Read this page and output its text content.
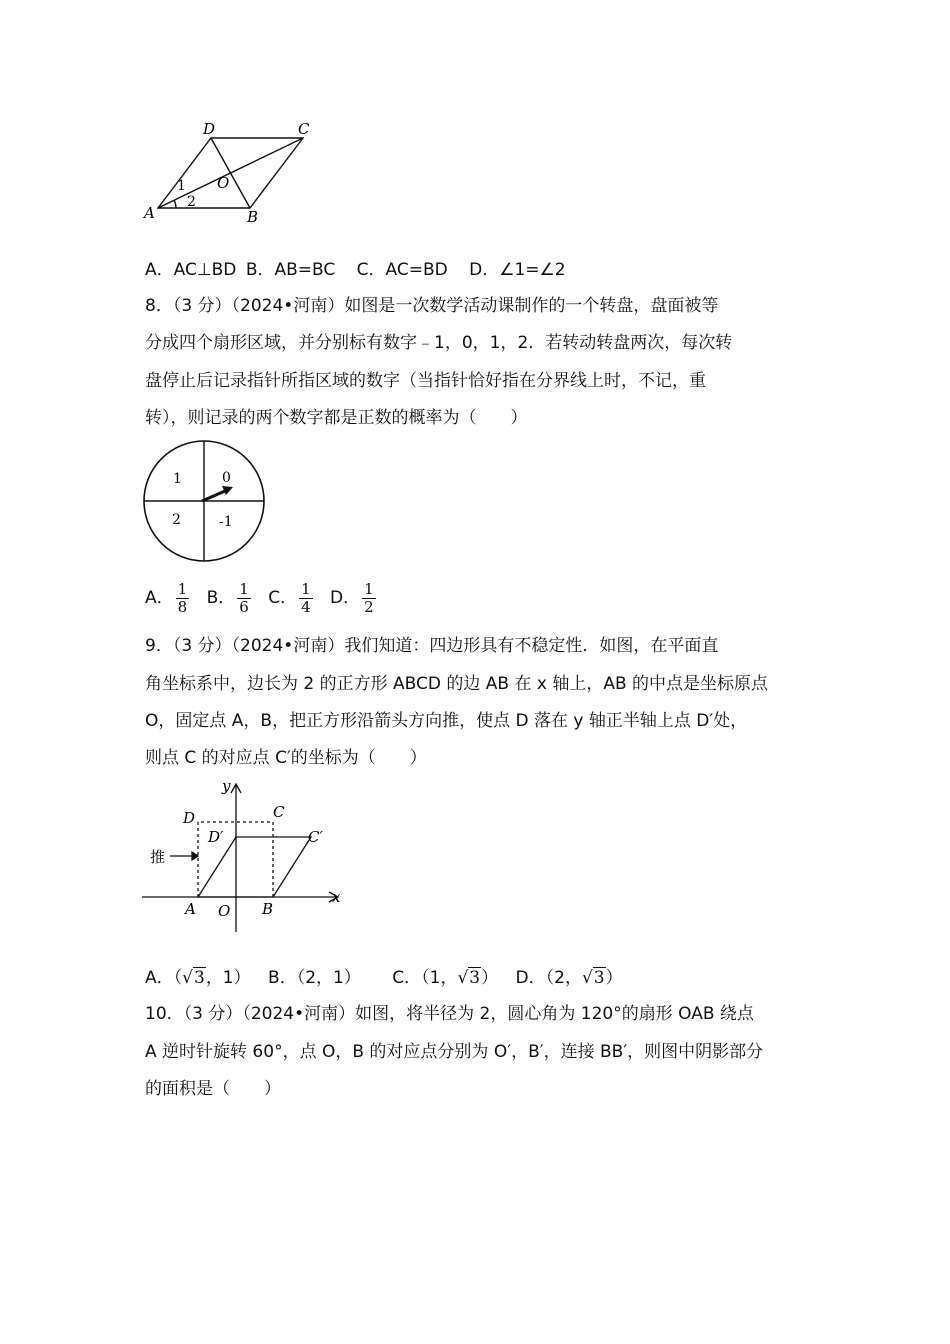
D	C
O
1
2
A	B
A．AC⊥BD B．AB=BC C．AC=BD D．∠1=∠2
8．（3 分）（2024•河南）如图是一次数学活动课制作的一个转盘，盘面被等
分成四个扇形区域，并分别标有数字﹣1，0，1，2．若转动转盘两次，每次转
盘停止后记录指针所指区域的数字（当指针恰好指在分界线上时，不记，重
转），则记录的两个数字都是正数的概率为（　　）
1	0
2	-1
A． $\frac{1}{8}$ B． $\frac{1}{6}$ C． $\frac{1}{4}$ D． $\frac{1}{2}$
9．（3 分）（2024•河南）我们知道：四边形具有不稳定性．如图，在平面直
角坐标系中，边长为 2 的正方形 ABCD 的边 AB 在 x 轴上，AB 的中点是坐标原点
O，固定点 A，B，把正方形沿箭头方向推，使点 D 落在 y 轴正半轴上点 D′处，
则点 C 的对应点 C′的坐标为（　　）
y
x
D	C
D′	C′
推
A O B
A．（√3，1） B．（2，1） C．（1，√3） D．（2，√3）
10．（3 分）（2024•河南）如图，将半径为 2，圆心角为 120°的扇形 OAB 绕点
A 逆时针旋转 60°，点 O，B 的对应点分别为 O′，B′，连接 BB′，则图中阴影部分
的面积是（　　）
